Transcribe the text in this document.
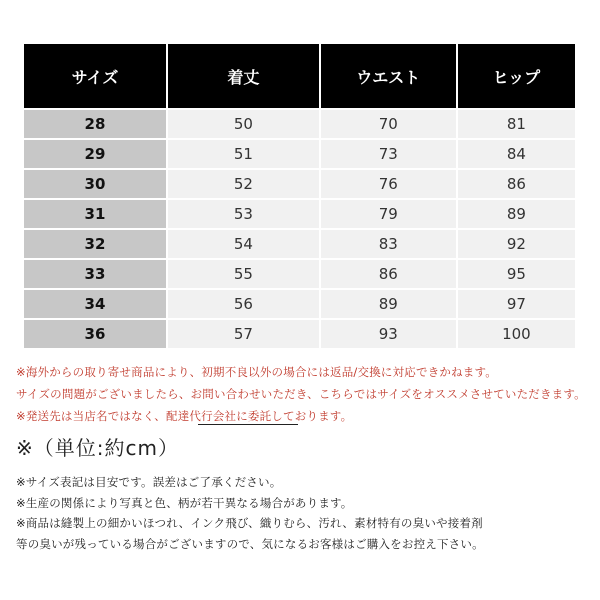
サイズ	着丈	ウエスト	ヒップ
28	50	70	81
29	51	73	84
30	52	76	86
31	53	79	89
32	54	83	92
33	55	86	95
34	56	89	97
36	57	93	100
※海外からの取り寄せ商品により、初期不良以外の場合には返品/交換に対応できかねます。
サイズの問題がございましたら、お問い合わせいただき、こちらではサイズをオススメさせていただきます。
※発送先は当店名ではなく、配達代行会社に委託しております。
※（単位:約cm）
※サイズ表記は目安です。誤差はご了承ください。
※生産の関係により写真と色、柄が若干異なる場合があります。
※商品は縫製上の細かいほつれ、インク飛び、織りむら、汚れ、素材特有の臭いや接着剤
等の臭いが残っている場合がございますので、気になるお客様はご購入をお控え下さい。
